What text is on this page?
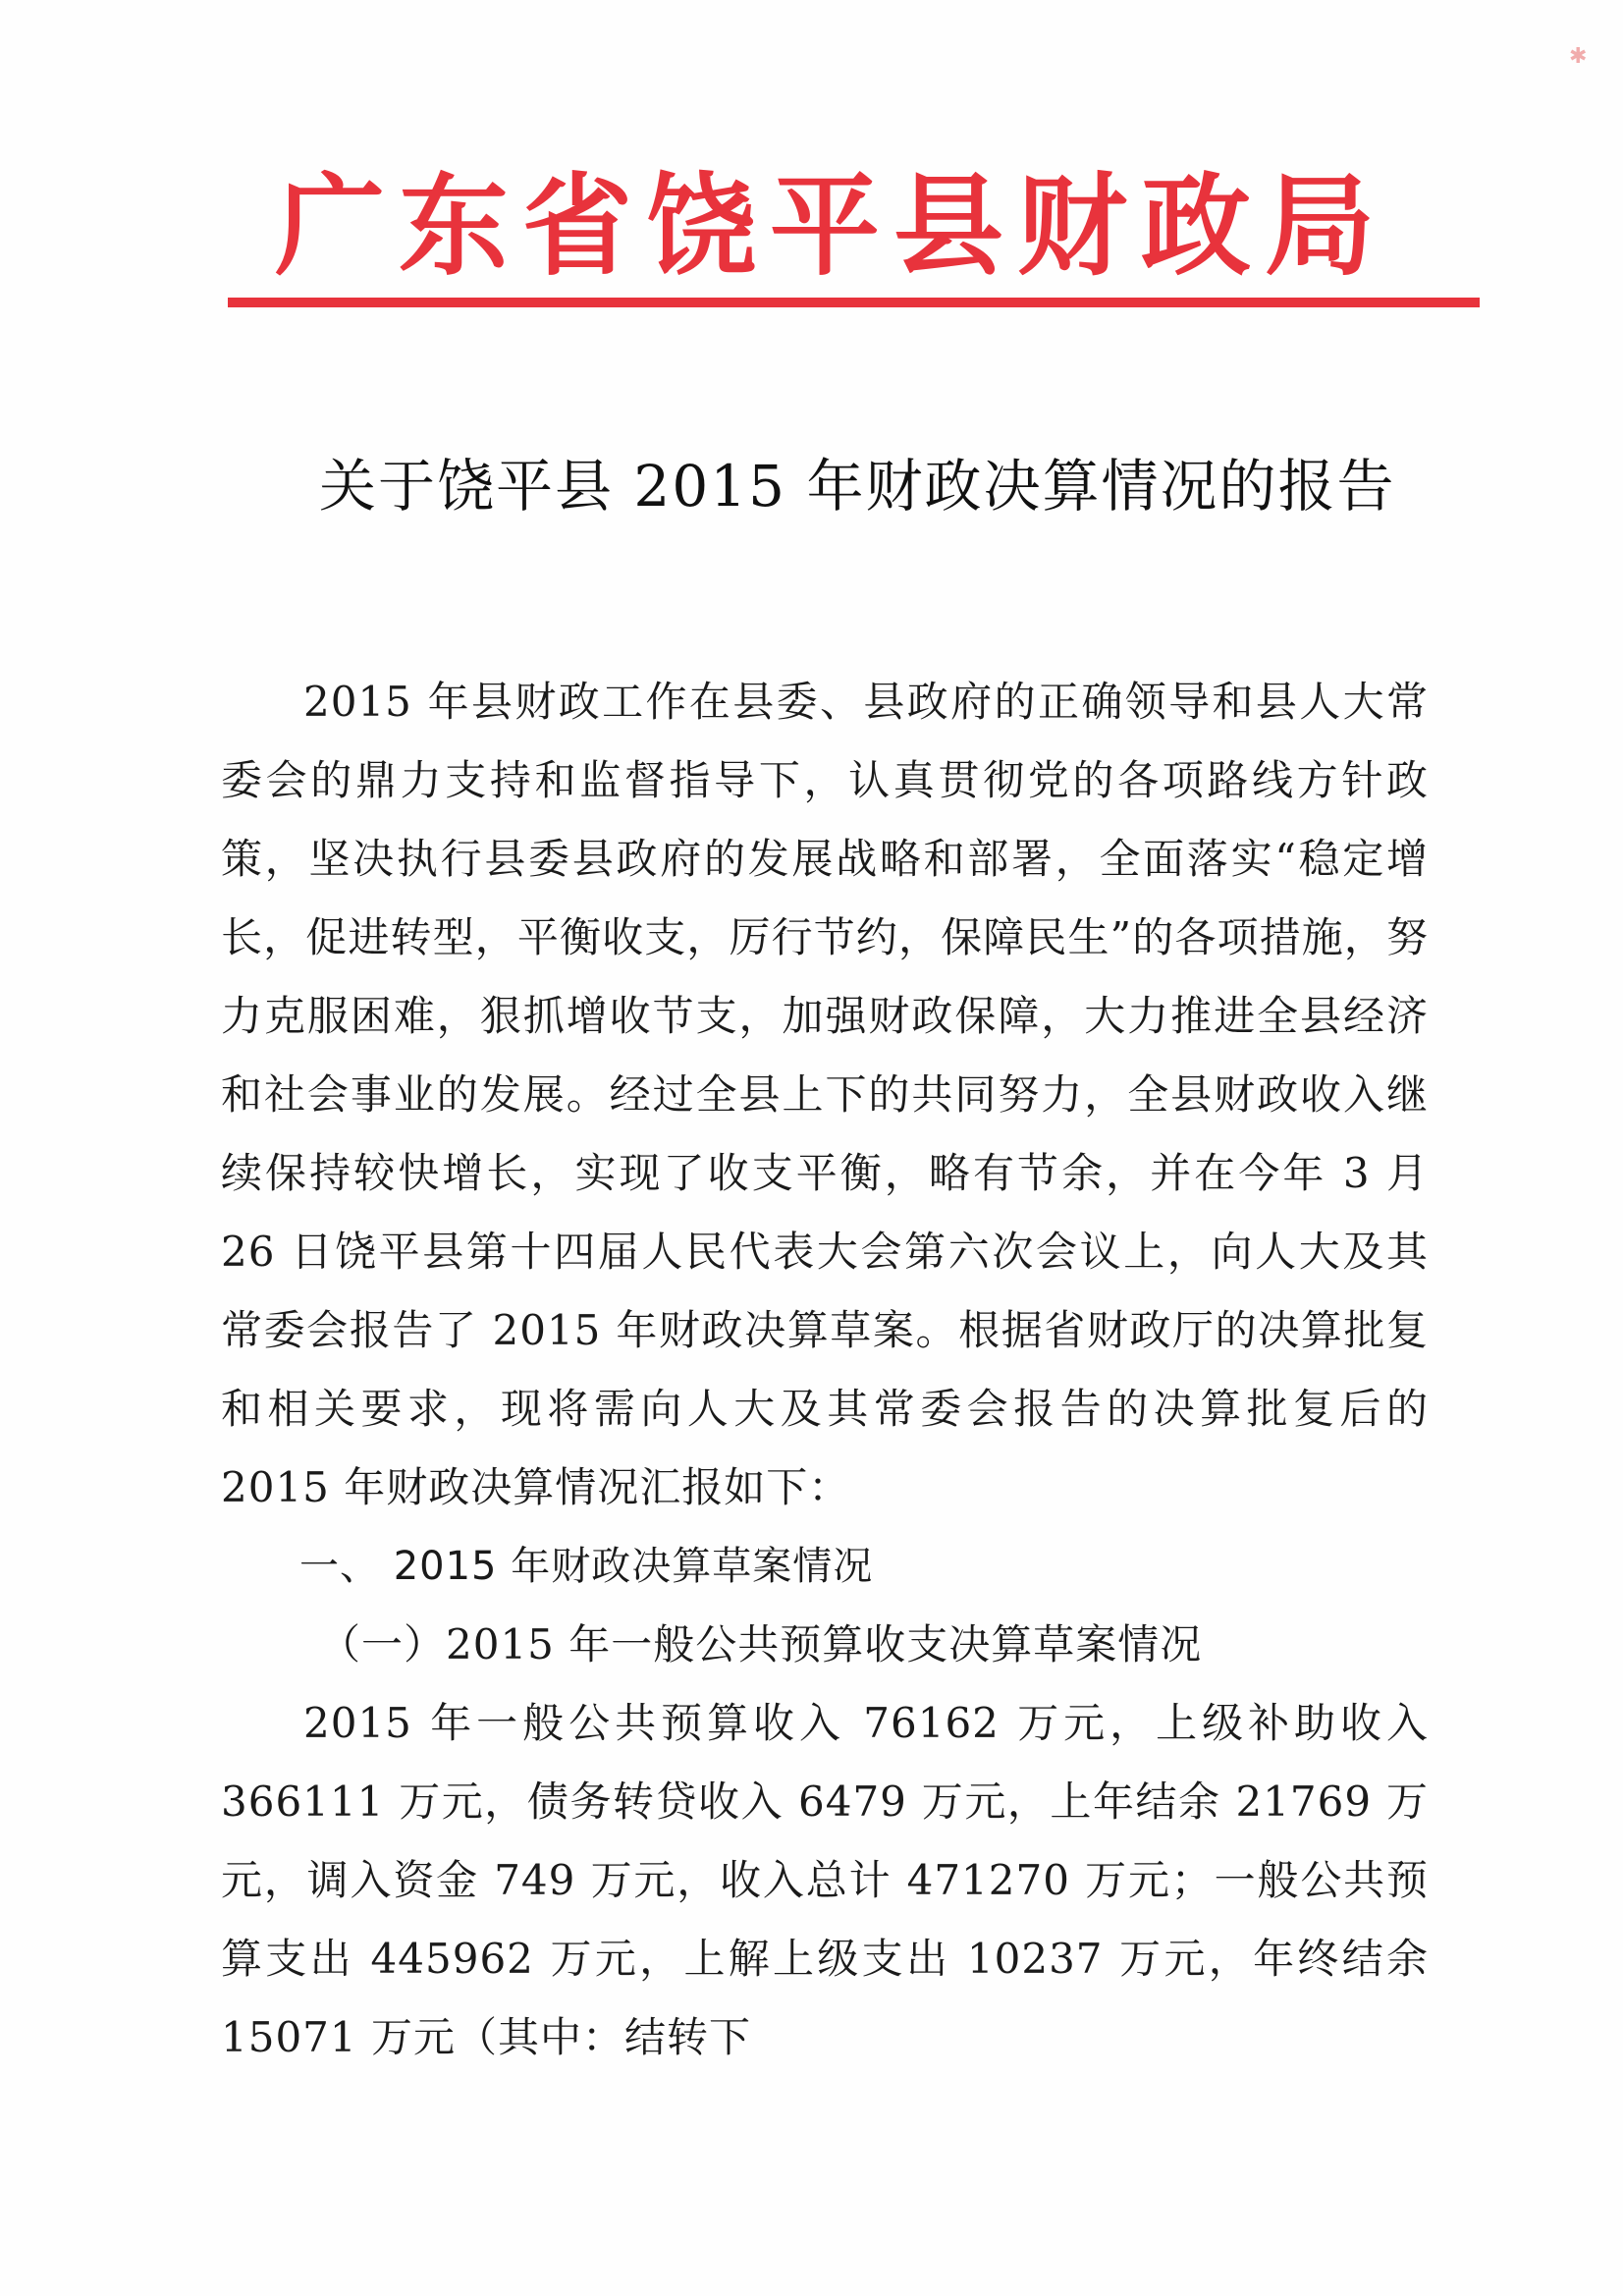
✱
广东省饶平县财政局
关于饶平县 2015 年财政决算情况的报告

2015 年县财政工作在县委、县政府的正确领导和县人大常委会的鼎力支持和监督指导下，认真贯彻党的各项路线方针政策，坚决执行县委县政府的发展战略和部署，全面落实“稳定增长，促进转型，平衡收支，厉行节约，保障民生”的各项措施，努力克服困难，狠抓增收节支，加强财政保障，大力推进全县经济和社会事业的发展。经过全县上下的共同努力，全县财政收入继续保持较快增长，实现了收支平衡，略有节余，并在今年 3 月 26 日饶平县第十四届人民代表大会第六次会议上，向人大及其常委会报告了 2015 年财政决算草案。根据省财政厅的决算批复和相关要求，现将需向人大及其常委会报告的决算批复后的 2015 年财政决算情况汇报如下：

一、 2015 年财政决算草案情况

（一）2015 年一般公共预算收支决算草案情况

2015 年一般公共预算收入 76162 万元，上级补助收入 366111 万元，债务转贷收入 6479 万元，上年结余 21769 万元，调入资金 749 万元，收入总计 471270 万元；一般公共预算支出 445962 万元，上解上级支出 10237 万元，年终结余 15071 万元（其中：结转下
